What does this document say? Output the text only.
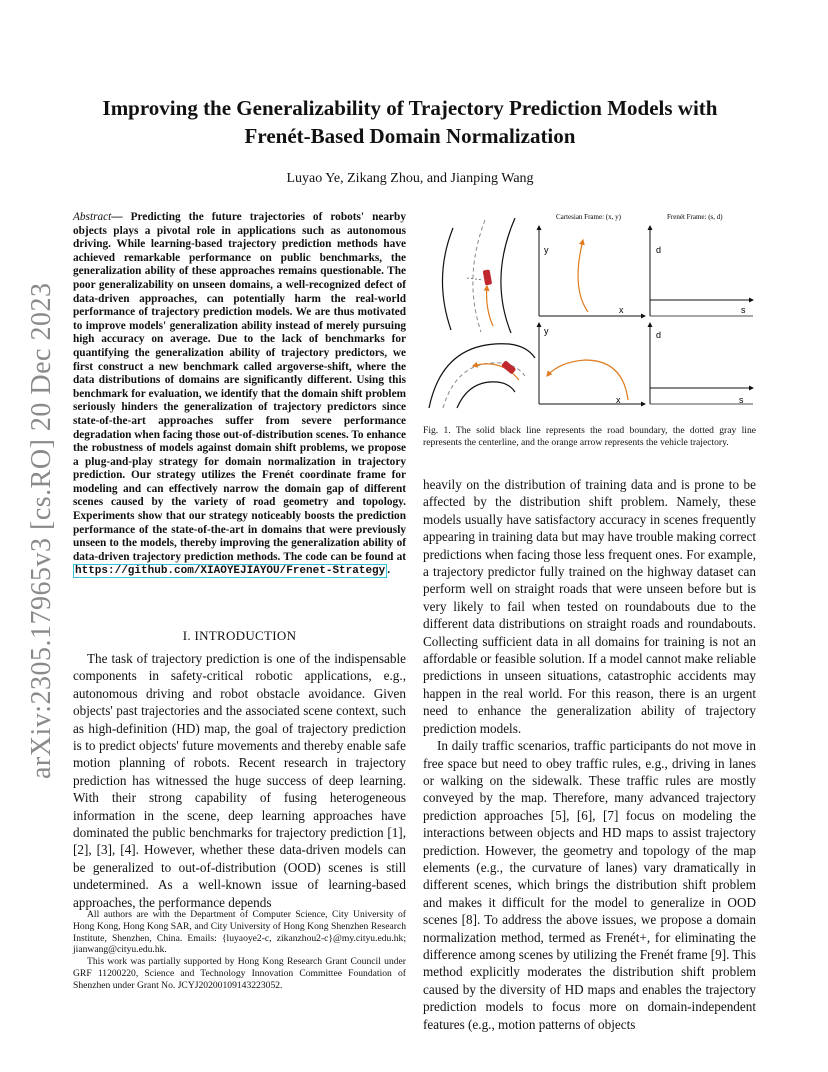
arXiv:2305.17965v3 [cs.RO] 20 Dec 2023
Improving the Generalizability of Trajectory Prediction Models with
Frenét-Based Domain Normalization
Luyao Ye, Zikang Zhou, and Jianping Wang
Abstract— Predicting the future trajectories of robots' nearby objects plays a pivotal role in applications such as autonomous driving. While learning-based trajectory prediction methods have achieved remarkable performance on public benchmarks, the generalization ability of these approaches remains questionable. The poor generalizability on unseen domains, a well-recognized defect of data-driven approaches, can potentially harm the real-world performance of trajectory prediction models. We are thus motivated to improve models' generalization ability instead of merely pursuing high accuracy on average. Due to the lack of benchmarks for quantifying the generalization ability of trajectory predictors, we first construct a new benchmark called argoverse-shift, where the data distributions of domains are significantly different. Using this benchmark for evaluation, we identify that the domain shift problem seriously hinders the generalization of trajectory predictors since state-of-the-art approaches suffer from severe performance degradation when facing those out-of-distribution scenes. To enhance the robustness of models against domain shift problems, we propose a plug-and-play strategy for domain normalization in trajectory prediction. Our strategy utilizes the Frenét coordinate frame for modeling and can effectively narrow the domain gap of different scenes caused by the variety of road geometry and topology. Experiments show that our strategy noticeably boosts the prediction performance of the state-of-the-art in domains that were previously unseen to the models, thereby improving the generalization ability of data-driven trajectory prediction methods. The code can be found at https://github.com/XIAOYEJIAYOU/Frenet-Strategy .
I. INTRODUCTION

The task of trajectory prediction is one of the indispensable components in safety-critical robotic applications, e.g., autonomous driving and robot obstacle avoidance. Given objects' past trajectories and the associated scene context, such as high-definition (HD) map, the goal of trajectory prediction is to predict objects' future movements and thereby enable safe motion planning of robots. Recent research in trajectory prediction has witnessed the huge success of deep learning. With their strong capability of fusing heterogeneous information in the scene, deep learning approaches have dominated the public benchmarks for trajectory prediction [1], [2], [3], [4]. However, whether these data-driven models can be generalized to out-of-distribution (OOD) scenes is still undetermined. As a well-known issue of learning-based approaches, the performance depends

All authors are with the Department of Computer Science, City University of Hong Kong, Hong Kong SAR, and City University of Hong Kong Shenzhen Research Institute, Shenzhen, China. Emails: {luyaoye2-c, zikanzhou2-c}@my.cityu.edu.hk; jianwang@cityu.edu.hk.

This work was partially supported by Hong Kong Research Grant Council under GRF 11200220, Science and Technology Innovation Committee Foundation of Shenzhen under Grant No. JCYJ20200109143223052.

Cartesian Frame: (x, y)	Frenét Frame: (s, d)
y
x
d
s
y
x
d
s
Fig. 1. The solid black line represents the road boundary, the dotted gray line represents the centerline, and the orange arrow represents the vehicle trajectory.

heavily on the distribution of training data and is prone to be affected by the distribution shift problem. Namely, these models usually have satisfactory accuracy in scenes frequently appearing in training data but may have trouble making correct predictions when facing those less frequent ones. For example, a trajectory predictor fully trained on the highway dataset can perform well on straight roads that were unseen before but is very likely to fail when tested on roundabouts due to the different data distributions on straight roads and roundabouts. Collecting sufficient data in all domains for training is not an affordable or feasible solution. If a model cannot make reliable predictions in unseen situations, catastrophic accidents may happen in the real world. For this reason, there is an urgent need to enhance the generalization ability of trajectory prediction models.

In daily traffic scenarios, traffic participants do not move in free space but need to obey traffic rules, e.g., driving in lanes or walking on the sidewalk. These traffic rules are mostly conveyed by the map. Therefore, many advanced trajectory prediction approaches [5], [6], [7] focus on modeling the interactions between objects and HD maps to assist trajectory prediction. However, the geometry and topology of the map elements (e.g., the curvature of lanes) vary dramatically in different scenes, which brings the distribution shift problem and makes it difficult for the model to generalize in OOD scenes [8]. To address the above issues, we propose a domain normalization method, termed as Frenét+, for eliminating the difference among scenes by utilizing the Frenét frame [9]. This method explicitly moderates the distribution shift problem caused by the diversity of HD maps and enables the trajectory prediction models to focus more on domain-independent features (e.g., motion patterns of objects
